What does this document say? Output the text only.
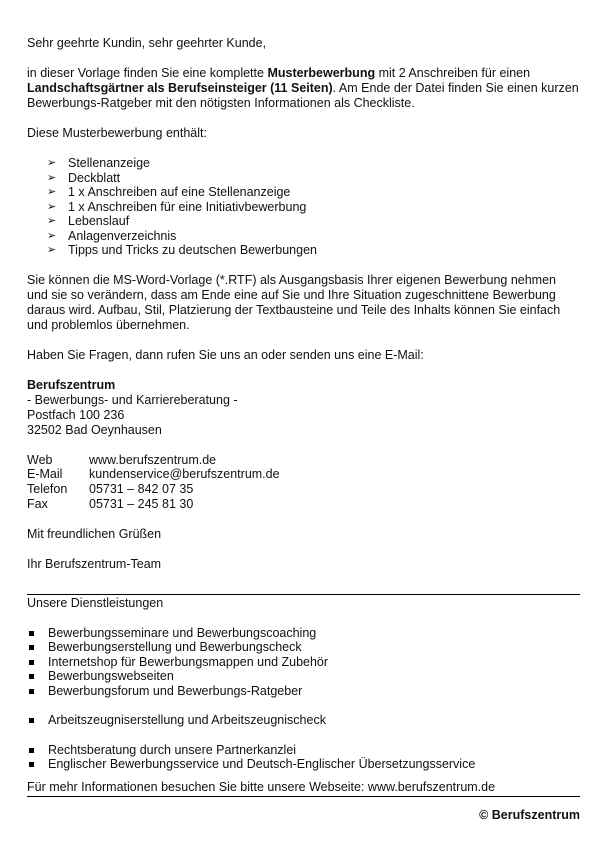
Sehr geehrte Kundin, sehr geehrter Kunde,

in dieser Vorlage finden Sie eine komplette Musterbewerbung mit 2 Anschreiben für einen Landschaftsgärtner als Berufseinsteiger (11 Seiten). Am Ende der Datei finden Sie einen kurzen Bewerbungs-Ratgeber mit den nötigsten Informationen als Checkliste.

Diese Musterbewerbung enthält:

➢ Stellenanzeige
➢ Deckblatt
➢ 1 x Anschreiben auf eine Stellenanzeige
➢ 1 x Anschreiben für eine Initiativbewerbung
➢ Lebenslauf
➢ Anlagenverzeichnis
➢ Tipps und Tricks zu deutschen Bewerbungen

Sie können die MS-Word-Vorlage (*.RTF) als Ausgangsbasis Ihrer eigenen Bewerbung nehmen und sie so verändern, dass am Ende eine auf Sie und Ihre Situation zugeschnittene Bewerbung daraus wird. Aufbau, Stil, Platzierung der Textbausteine und Teile des Inhalts können Sie einfach und problemlos übernehmen.

Haben Sie Fragen, dann rufen Sie uns an oder senden uns eine E-Mail:

Berufszentrum

- Bewerbungs- und Karriereberatung -

Postfach 100 236

32502 Bad Oeynhausen

Web	www.berufszentrum.de
E-Mail	kundenservice@berufszentrum.de
Telefon	05731 – 842 07 35
Fax	05731 – 245 81 30

Mit freundlichen Grüßen

Ihr Berufszentrum-Team

Unsere Dienstleistungen

Bewerbungsseminare und Bewerbungscoaching
Bewerbungserstellung und Bewerbungscheck
Internetshop für Bewerbungsmappen und Zubehör
Bewerbungswebseiten
Bewerbungsforum und Bewerbungs-Ratgeber
Arbeitszeugniserstellung und Arbeitszeugnischeck
Rechtsberatung durch unsere Partnerkanzlei
Englischer Bewerbungsservice und Deutsch-Englischer Übersetzungsservice

Für mehr Informationen besuchen Sie bitte unsere Webseite: www.berufszentrum.de

© Berufszentrum
